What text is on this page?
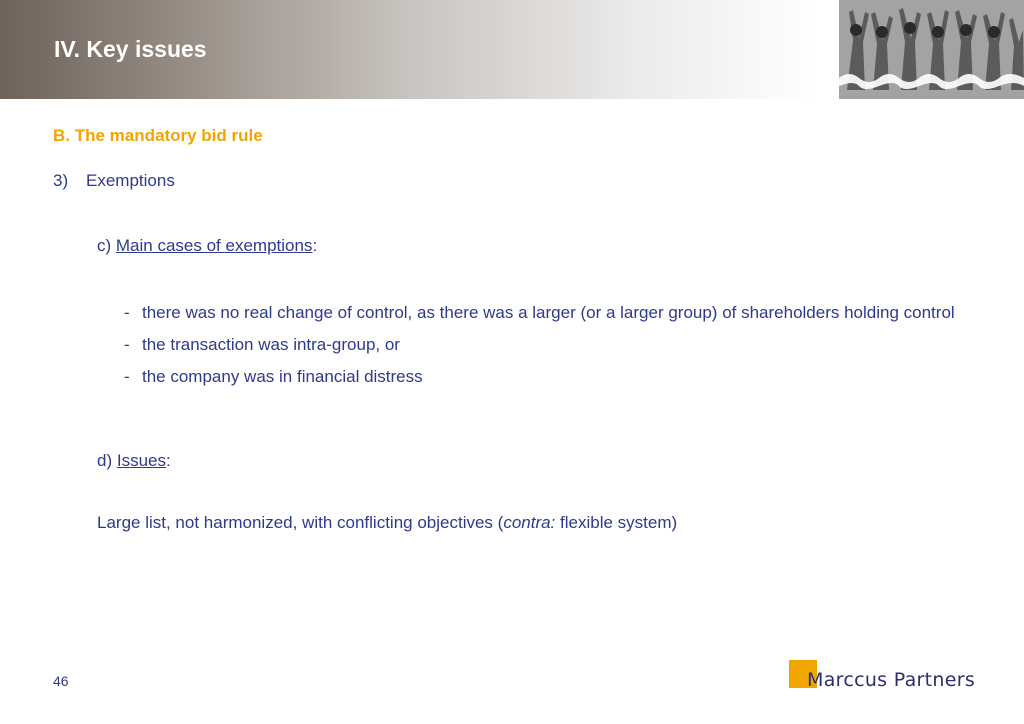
IV. Key issues
B. The mandatory bid rule
3) Exemptions
c) Main cases of exemptions:
- there was no real change of control, as there was a larger (or a larger group) of shareholders holding control
- the transaction was intra-group, or
- the company was in financial distress
d) Issues:
Large list, not harmonized, with conflicting objectives (contra: flexible system)
46	Marccus Partners
